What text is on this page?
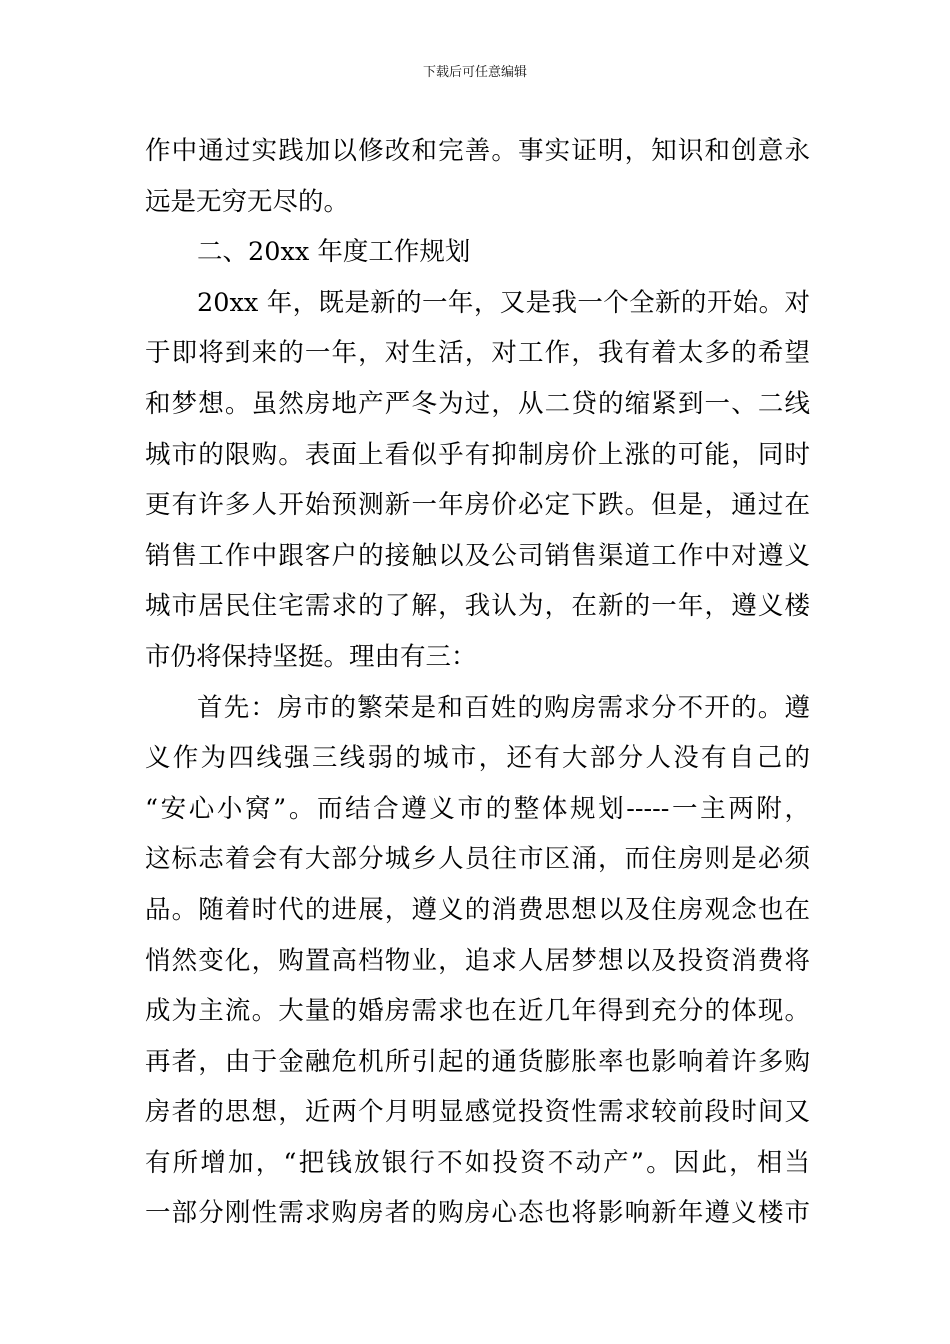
下载后可任意编辑
作中通过实践加以修改和完善。事实证明，知识和创意永
远是无穷无尽的。
二、20xx 年度工作规划
20xx 年，既是新的一年，又是我一个全新的开始。对
于即将到来的一年，对生活，对工作，我有着太多的希望
和梦想。虽然房地产严冬为过，从二贷的缩紧到一、二线
城市的限购。表面上看似乎有抑制房价上涨的可能，同时
更有许多人开始预测新一年房价必定下跌。但是，通过在
销售工作中跟客户的接触以及公司销售渠道工作中对遵义
城市居民住宅需求的了解，我认为，在新的一年，遵义楼
市仍将保持坚挺。理由有三：
首先：房市的繁荣是和百姓的购房需求分不开的。遵
义作为四线强三线弱的城市，还有大部分人没有自己的
“安心小窝”。而结合遵义市的整体规划-----一主两附，
这标志着会有大部分城乡人员往市区涌，而住房则是必须
品。随着时代的进展，遵义的消费思想以及住房观念也在
悄然变化，购置高档物业，追求人居梦想以及投资消费将
成为主流。大量的婚房需求也在近几年得到充分的体现。
再者，由于金融危机所引起的通货膨胀率也影响着许多购
房者的思想，近两个月明显感觉投资性需求较前段时间又
有所增加，“把钱放银行不如投资不动产”。因此，相当
一部分刚性需求购房者的购房心态也将影响新年遵义楼市
